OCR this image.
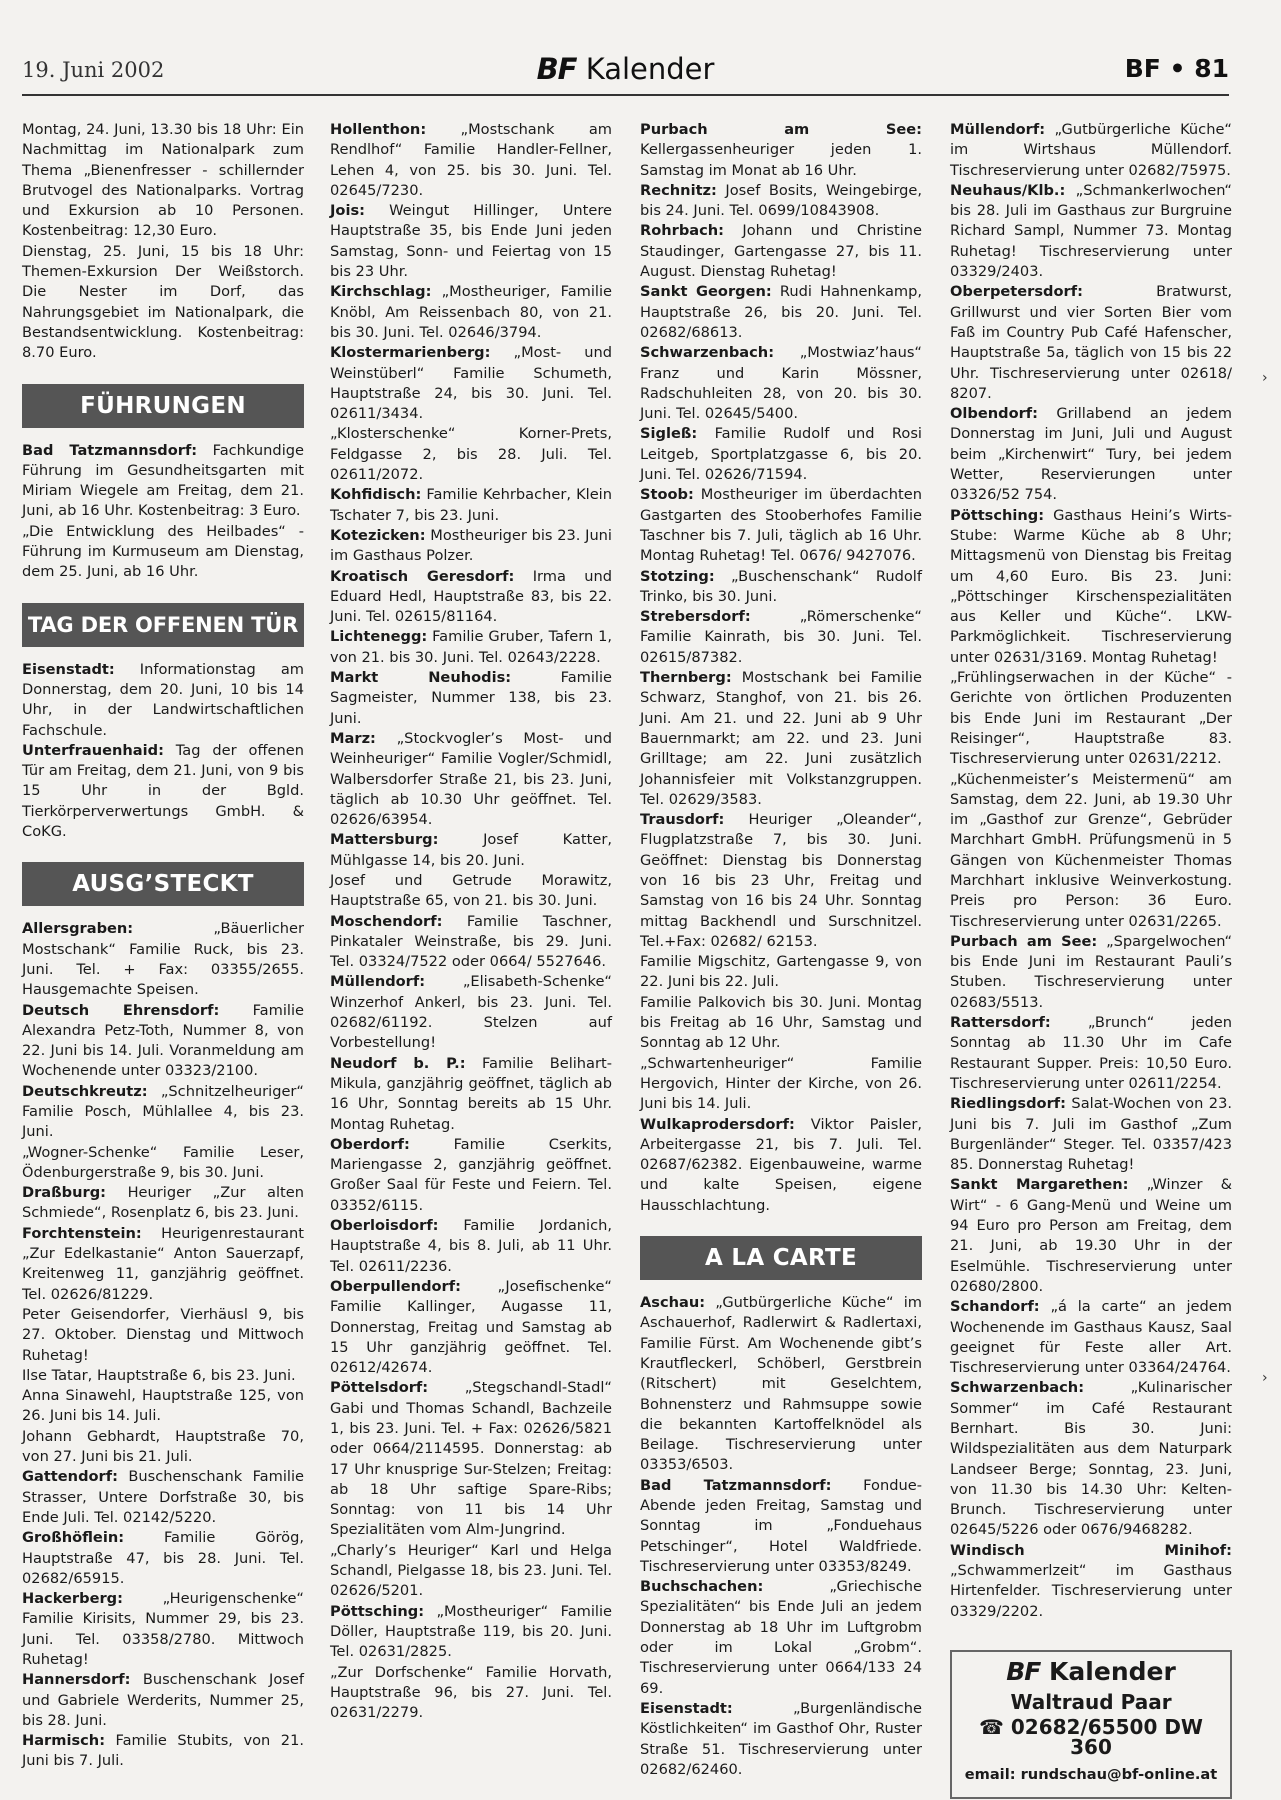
19. Juni 2002	BF Kalender	BF • 81

Montag, 24. Juni, 13.30 bis 18 Uhr: Ein Nachmittag im Nationalpark zum Thema „Bienenfresser - schillernder Brutvogel des Nationalparks. Vortrag und Exkursion ab 10 Personen. Kostenbeitrag: 12,30 Euro.

Dienstag, 25. Juni, 15 bis 18 Uhr: Themen-Exkursion Der Weißstorch. Die Nester im Dorf, das Nahrungsgebiet im Nationalpark, die Bestandsentwicklung. Kostenbeitrag: 8.70 Euro.

FÜHRUNGEN

Bad Tatzmannsdorf: Fachkundige Führung im Gesundheitsgarten mit Miriam Wiegele am Freitag, dem 21. Juni, ab 16 Uhr. Kostenbeitrag: 3 Euro.

„Die Entwicklung des Heilbades“ - Führung im Kurmuseum am Dienstag, dem 25. Juni, ab 16 Uhr.

TAG DER OFFENEN TÜR

Eisenstadt: Informationstag am Donnerstag, dem 20. Juni, 10 bis 14 Uhr, in der Landwirtschaftlichen Fachschule.

Unterfrauenhaid: Tag der offenen Tür am Freitag, dem 21. Juni, von 9 bis 15 Uhr in der Bgld. Tierkörperverwertungs GmbH. & CoKG.

AUSG’STECKT

Allersgraben: „Bäuerlicher Mostschank“ Familie Ruck, bis 23. Juni. Tel. + Fax: 03355/2655. Hausgemachte Speisen.

Deutsch Ehrensdorf: Familie Alexandra Petz-Toth, Nummer 8, von 22. Juni bis 14. Juli. Voranmeldung am Wochenende unter 03323/2100.

Deutschkreutz: „Schnitzelheuriger“ Familie Posch, Mühlallee 4, bis 23. Juni.

„Wogner-Schenke“ Familie Leser, Ödenburgerstraße 9, bis 30. Juni.

Draßburg: Heuriger „Zur alten Schmiede“, Rosenplatz 6, bis 23. Juni.

Forchtenstein: Heurigenrestaurant „Zur Edelkastanie“ Anton Sauerzapf, Kreitenweg 11, ganzjährig geöffnet. Tel. 02626/81229.

Peter Geisendorfer, Vierhäusl 9, bis 27. Oktober. Dienstag und Mittwoch Ruhetag!

Ilse Tatar, Hauptstraße 6, bis 23. Juni.

Anna Sinawehl, Hauptstraße 125, von 26. Juni bis 14. Juli.

Johann Gebhardt, Hauptstraße 70, von 27. Juni bis 21. Juli.

Gattendorf: Buschenschank Familie Strasser, Untere Dorfstraße 30, bis Ende Juli. Tel. 02142/5220.

Großhöflein: Familie Görög, Hauptstraße 47, bis 28. Juni. Tel. 02682/65915.

Hackerberg: „Heurigenschenke“ Familie Kirisits, Nummer 29, bis 23. Juni. Tel. 03358/2780. Mittwoch Ruhetag!

Hannersdorf: Buschenschank Josef und Gabriele Werderits, Nummer 25, bis 28. Juni.

Harmisch: Familie Stubits, von 21. Juni bis 7. Juli.

Hollenthon: „Mostschank am Rendlhof“ Familie Handler-Fellner, Lehen 4, von 25. bis 30. Juni. Tel. 02645/7230.

Jois: Weingut Hillinger, Untere Hauptstraße 35, bis Ende Juni jeden Samstag, Sonn- und Feiertag von 15 bis 23 Uhr.

Kirchschlag: „Mostheuriger, Familie Knöbl, Am Reissenbach 80, von 21. bis 30. Juni. Tel. 02646/3794.

Klostermarienberg: „Most- und Weinstüberl“ Familie Schumeth, Hauptstraße 24, bis 30. Juni. Tel. 02611/3434.

„Klosterschenke“ Korner-Prets, Feldgasse 2, bis 28. Juli. Tel. 02611/2072.

Kohfidisch: Familie Kehrbacher, Klein Tschater 7, bis 23. Juni.

Kotezicken: Mostheuriger bis 23. Juni im Gasthaus Polzer.

Kroatisch Geresdorf: Irma und Eduard Hedl, Hauptstraße 83, bis 22. Juni. Tel. 02615/81164.

Lichtenegg: Familie Gruber, Tafern 1, von 21. bis 30. Juni. Tel. 02643/2228.

Markt Neuhodis: Familie Sagmeister, Nummer 138, bis 23. Juni.

Marz: „Stockvogler’s Most- und Weinheuriger“ Familie Vogler/Schmidl, Walbersdorfer Straße 21, bis 23. Juni, täglich ab 10.30 Uhr geöffnet. Tel. 02626/63954.

Mattersburg: Josef Katter, Mühlgasse 14, bis 20. Juni.

Josef und Getrude Morawitz, Hauptstraße 65, von 21. bis 30. Juni.

Moschendorf: Familie Taschner, Pinkataler Weinstraße, bis 29. Juni. Tel. 03324/7522 oder 0664/ 5527646.

Müllendorf: „Elisabeth-Schenke“ Winzerhof Ankerl, bis 23. Juni. Tel. 02682/61192. Stelzen auf Vorbestellung!

Neudorf b. P.: Familie Belihart-Mikula, ganzjährig geöffnet, täglich ab 16 Uhr, Sonntag bereits ab 15 Uhr. Montag Ruhetag.

Oberdorf: Familie Cserkits, Mariengasse 2, ganzjährig geöffnet. Großer Saal für Feste und Feiern. Tel. 03352/6115.

Oberloisdorf: Familie Jordanich, Hauptstraße 4, bis 8. Juli, ab 11 Uhr. Tel. 02611/2236.

Oberpullendorf: „Josefischenke“ Familie Kallinger, Augasse 11, Donnerstag, Freitag und Samstag ab 15 Uhr ganzjährig geöffnet. Tel. 02612/42674.

Pöttelsdorf: „Stegschandl-Stadl“ Gabi und Thomas Schandl, Bachzeile 1, bis 23. Juni. Tel. + Fax: 02626/5821 oder 0664/2114595. Donnerstag: ab 17 Uhr knusprige Sur-Stelzen; Freitag: ab 18 Uhr saftige Spare-Ribs; Sonntag: von 11 bis 14 Uhr Spezialitäten vom Alm-Jungrind.

„Charly’s Heuriger“ Karl und Helga Schandl, Pielgasse 18, bis 23. Juni. Tel. 02626/5201.

Pöttsching: „Mostheuriger“ Familie Döller, Hauptstraße 119, bis 20. Juni. Tel. 02631/2825.

„Zur Dorfschenke“ Familie Horvath, Hauptstraße 96, bis 27. Juni. Tel. 02631/2279.

Purbach am See: Kellergassenheuriger jeden 1. Samstag im Monat ab 16 Uhr.

Rechnitz: Josef Bosits, Weingebirge, bis 24. Juni. Tel. 0699/10843908.

Rohrbach: Johann und Christine Staudinger, Gartengasse 27, bis 11. August. Dienstag Ruhetag!

Sankt Georgen: Rudi Hahnenkamp, Hauptstraße 26, bis 20. Juni. Tel. 02682/68613.

Schwarzenbach: „Mostwiaz’haus“ Franz und Karin Mössner, Radschuhleiten 28, von 20. bis 30. Juni. Tel. 02645/5400.

Sigleß: Familie Rudolf und Rosi Leitgeb, Sportplatzgasse 6, bis 20. Juni. Tel. 02626/71594.

Stoob: Mostheuriger im überdachten Gastgarten des Stooberhofes Familie Taschner bis 7. Juli, täglich ab 16 Uhr. Montag Ruhetag! Tel. 0676/ 9427076.

Stotzing: „Buschenschank“ Rudolf Trinko, bis 30. Juni.

Strebersdorf: „Römerschenke“ Familie Kainrath, bis 30. Juni. Tel. 02615/87382.

Thernberg: Mostschank bei Familie Schwarz, Stanghof, von 21. bis 26. Juni. Am 21. und 22. Juni ab 9 Uhr Bauernmarkt; am 22. und 23. Juni Grilltage; am 22. Juni zusätzlich Johannisfeier mit Volkstanzgruppen. Tel. 02629/3583.

Trausdorf: Heuriger „Oleander“, Flugplatzstraße 7, bis 30. Juni. Geöffnet: Dienstag bis Donnerstag von 16 bis 23 Uhr, Freitag und Samstag von 16 bis 24 Uhr. Sonntag mittag Backhendl und Surschnitzel. Tel.+Fax: 02682/ 62153.

Familie Migschitz, Gartengasse 9, von 22. Juni bis 22. Juli.

Familie Palkovich bis 30. Juni. Montag bis Freitag ab 16 Uhr, Samstag und Sonntag ab 12 Uhr.

„Schwartenheuriger“ Familie Hergovich, Hinter der Kirche, von 26. Juni bis 14. Juli.

Wulkaprodersdorf: Viktor Paisler, Arbeitergasse 21, bis 7. Juli. Tel. 02687/62382. Eigenbauweine, warme und kalte Speisen, eigene Hausschlachtung.

A LA CARTE

Aschau: „Gutbürgerliche Küche“ im Aschauerhof, Radlerwirt & Radlertaxi, Familie Fürst. Am Wochenende gibt’s Krautfleckerl, Schöberl, Gerstbrein (Ritschert) mit Geselchtem, Bohnensterz und Rahmsuppe sowie die bekannten Kartoffelknödel als Beilage. Tischreservierung unter 03353/6503.

Bad Tatzmannsdorf: Fondue-Abende jeden Freitag, Samstag und Sonntag im „Fonduehaus Petschinger“, Hotel Waldfriede. Tischreservierung unter 03353/8249.

Buchschachen: „Griechische Spezialitäten“ bis Ende Juli an jedem Donnerstag ab 18 Uhr im Luftgrobm oder im Lokal „Grobm“. Tischreservierung unter 0664/133 24 69.

Eisenstadt: „Burgenländische Köstlichkeiten“ im Gasthof Ohr, Ruster Straße 51. Tischreservierung unter 02682/62460.

Müllendorf: „Gutbürgerliche Küche“ im Wirtshaus Müllendorf. Tischreservierung unter 02682/75975.

Neuhaus/Klb.: „Schmankerlwochen“ bis 28. Juli im Gasthaus zur Burgruine Richard Sampl, Nummer 73. Montag Ruhetag! Tischreservierung unter 03329/2403.

Oberpetersdorf: Bratwurst, Grillwurst und vier Sorten Bier vom Faß im Country Pub Café Hafenscher, Hauptstraße 5a, täglich von 15 bis 22 Uhr. Tischreservierung unter 02618/ 8207.

Olbendorf: Grillabend an jedem Donnerstag im Juni, Juli und August beim „Kirchenwirt“ Tury, bei jedem Wetter, Reservierungen unter 03326/52 754.

Pöttsching: Gasthaus Heini’s Wirts-Stube: Warme Küche ab 8 Uhr; Mittagsmenü von Dienstag bis Freitag um 4,60 Euro. Bis 23. Juni: „Pöttschinger Kirschenspezialitäten aus Keller und Küche“. LKW-Parkmöglichkeit. Tischreservierung unter 02631/3169. Montag Ruhetag!

„Frühlingserwachen in der Küche“ - Gerichte von örtlichen Produzenten bis Ende Juni im Restaurant „Der Reisinger“, Hauptstraße 83. Tischreservierung unter 02631/2212.

„Küchenmeister’s Meistermenü“ am Samstag, dem 22. Juni, ab 19.30 Uhr im „Gasthof zur Grenze“, Gebrüder Marchhart GmbH. Prüfungsmenü in 5 Gängen von Küchenmeister Thomas Marchhart inklusive Weinverkostung. Preis pro Person: 36 Euro. Tischreservierung unter 02631/2265.

Purbach am See: „Spargelwochen“ bis Ende Juni im Restaurant Pauli’s Stuben. Tischreservierung unter 02683/5513.

Rattersdorf: „Brunch“ jeden Sonntag ab 11.30 Uhr im Cafe Restaurant Supper. Preis: 10,50 Euro. Tischreservierung unter 02611/2254.

Riedlingsdorf: Salat-Wochen von 23. Juni bis 7. Juli im Gasthof „Zum Burgenländer“ Steger. Tel. 03357/423 85. Donnerstag Ruhetag!

Sankt Margarethen: „Winzer & Wirt“ - 6 Gang-Menü und Weine um 94 Euro pro Person am Freitag, dem 21. Juni, ab 19.30 Uhr in der Eselmühle. Tischreservierung unter 02680/2800.

Schandorf: „á la carte“ an jedem Wochenende im Gasthaus Kausz, Saal geeignet für Feste aller Art. Tischreservierung unter 03364/24764.

Schwarzenbach: „Kulinarischer Sommer“ im Café Restaurant Bernhart. Bis 30. Juni: Wildspezialitäten aus dem Naturpark Landseer Berge; Sonntag, 23. Juni, von 11.30 bis 14.30 Uhr: Kelten-Brunch. Tischreservierung unter 02645/5226 oder 0676/9468282.

Windisch Minihof: „Schwammerlzeit“ im Gasthaus Hirtenfelder. Tischreservierung unter 03329/2202.

BF Kalender
Waltraud Paar
☎ 02682/65500 DW 360
email: rundschau@bf-online.at
›
›
